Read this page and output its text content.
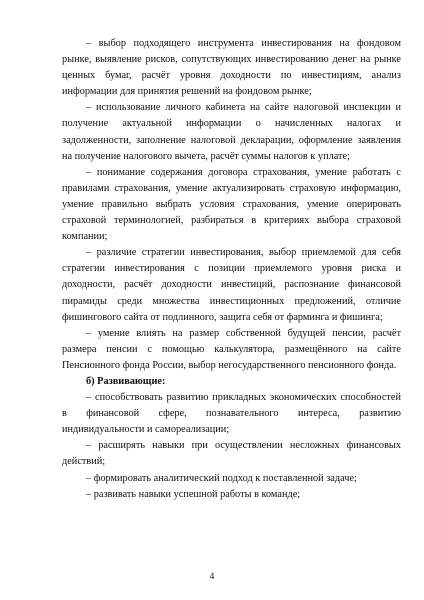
– выбор подходящего инструмента инвестирования на фондовом рынке, выявление рисков, сопутствующих инвестированию денег на рынке ценных бумаг, расчёт уровня доходности по инвестициям, анализ информации для принятия решений на фондовом рынке;

– использование личного кабинета на сайте налоговой инспекции и получение актуальной информации о начисленных налогах и задолженности, заполнение налоговой декларации, оформление заявления на получение налогового вычета, расчёт суммы налогов к уплате;

– понимание содержания договора страхования, умение работать с правилами страхования, умение актуализировать страховую информацию, умение правильно выбрать условия страхования, умение оперировать страховой терминологией, разбираться в критериях выбора страховой компании;

– различие стратегии инвестирования, выбор приемлемой для себя стратегии инвестирования с позиции приемлемого уровня риска и доходности, расчёт доходности инвестиций, распознание финансовой пирамиды среди множества инвестиционных предложений, отличие фишингового сайта от подлинного, защита себя от фарминга и фишинга;

– умение влиять на размер собственной будущей пенсии, расчёт размера пенсии с помощью калькулятора, размещённого на сайте Пенсионного фонда России, выбор негосударственного пенсионного фонда.

б) Развивающие:

– способствовать развитию прикладных экономических способностей в финансовой сфере, познавательного интереса, развитию индивидуальности и самореализации;

– расширять навыки при осуществлении несложных финансовых действий;

– формировать аналитический подход к поставленной задаче;

– развивать навыки успешной работы в команде;

4
